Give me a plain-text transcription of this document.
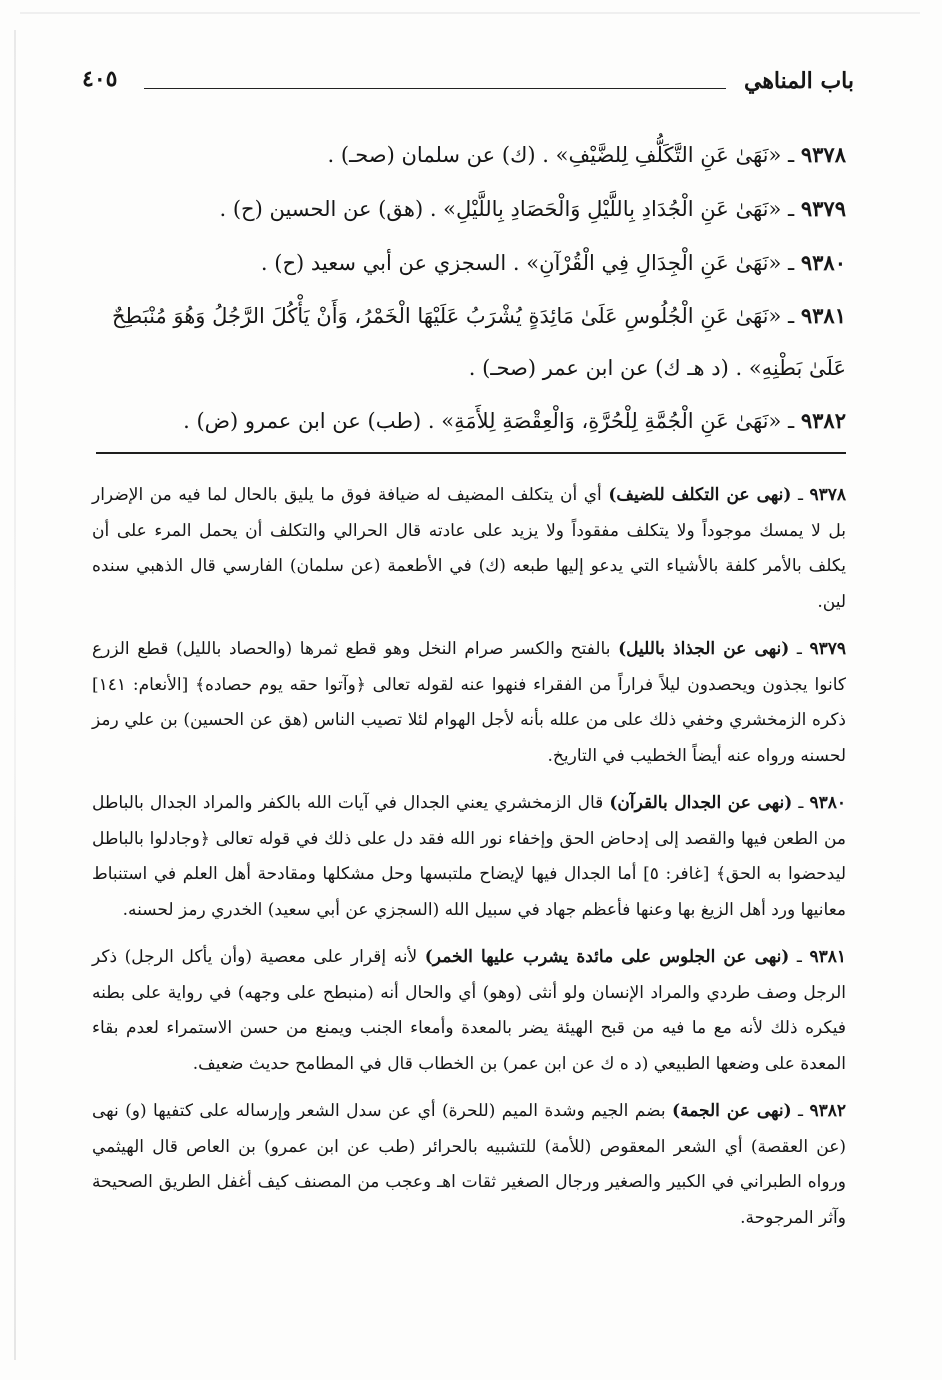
باب المناهي
٤٠٥

٩٣٧٨ ـ «نَهَىٰ عَنِ التَّكَلُّفِ لِلضَّيْفِ» . (ك) عن سلمان (صحـ) .

٩٣٧٩ ـ «نَهَىٰ عَنِ الْجُدَادِ بِاللَّيْلِ وَالْحَصَادِ بِاللَّيْلِ» . (هق) عن الحسين (ح) .

٩٣٨٠ ـ «نَهَىٰ عَنِ الْجِدَالِ فِي الْقُرْآنِ» . السجزي عن أبي سعيد (ح) .

٩٣٨١ ـ «نَهَىٰ عَنِ الْجُلُوسِ عَلَىٰ مَائِدَةٍ يُشْرَبُ عَلَيْهَا الْخَمْرُ، وَأَنْ يَأْكُلَ الرَّجُلُ وَهُوَ مُنْبَطِحٌ عَلَىٰ بَطْنِهِ» . (د هـ ك) عن ابن عمر (صحـ) .

٩٣٨٢ ـ «نَهَىٰ عَنِ الْجُمَّةِ لِلْحُرَّةِ، وَالْعِقْصَةِ لِلأَمَةِ» . (طب) عن ابن عمرو (ض) .

٩٣٧٨ ـ (نهى عن التكلف للضيف) أي أن يتكلف المضيف له ضيافة فوق ما يليق بالحال لما فيه من الإضرار بل لا يمسك موجوداً ولا يتكلف مفقوداً ولا يزيد على عادته قال الحرالي والتكلف أن يحمل المرء على أن يكلف بالأمر كلفة بالأشياء التي يدعو إليها طبعه (ك) في الأطعمة (عن سلمان) الفارسي قال الذهبي سنده لين.

٩٣٧٩ ـ (نهى عن الجذاذ بالليل) بالفتح والكسر صرام النخل وهو قطع ثمرها (والحصاد بالليل) قطع الزرع كانوا يجذون ويحصدون ليلاً فراراً من الفقراء فنهوا عنه لقوله تعالى ﴿وآتوا حقه يوم حصاده﴾ [الأنعام: ١٤١] ذكره الزمخشري وخفي ذلك على من علله بأنه لأجل الهوام لئلا تصيب الناس (هق عن الحسين) بن علي رمز لحسنه ورواه عنه أيضاً الخطيب في التاريخ.

٩٣٨٠ ـ (نهى عن الجدال بالقرآن) قال الزمخشري يعني الجدال في آيات الله بالكفر والمراد الجدال بالباطل من الطعن فيها والقصد إلى إدحاض الحق وإخفاء نور الله فقد دل على ذلك في قوله تعالى ﴿وجادلوا بالباطل ليدحضوا به الحق﴾ [غافر: ٥] أما الجدال فيها لإيضاح ملتبسها وحل مشكلها ومقادحة أهل العلم في استنباط معانيها ورد أهل الزيغ بها وعنها فأعظم جهاد في سبيل الله (السجزي عن أبي سعيد) الخدري رمز لحسنه.

٩٣٨١ ـ (نهى عن الجلوس على مائدة يشرب عليها الخمر) لأنه إقرار على معصية (وأن يأكل الرجل) ذكر الرجل وصف طردي والمراد الإنسان ولو أنثى (وهو) أي والحال أنه (منبطح على وجهه) في رواية على بطنه فيكره ذلك لأنه مع ما فيه من قبح الهيئة يضر بالمعدة وأمعاء الجنب ويمنع من حسن الاستمراء لعدم بقاء المعدة على وضعها الطبيعي (د ه ك عن ابن عمر) بن الخطاب قال في المطامح حديث ضعيف.

٩٣٨٢ ـ (نهى عن الجمة) بضم الجيم وشدة الميم (للحرة) أي عن سدل الشعر وإرساله على كتفيها (و) نهى (عن العقصة) أي الشعر المعقوص (للأمة) للتشبيه بالحرائر (طب عن ابن عمرو) بن العاص قال الهيثمي ورواه الطبراني في الكبير والصغير ورجال الصغير ثقات اهـ وعجب من المصنف كيف أغفل الطريق الصحيحة وآثر المرجوحة.
